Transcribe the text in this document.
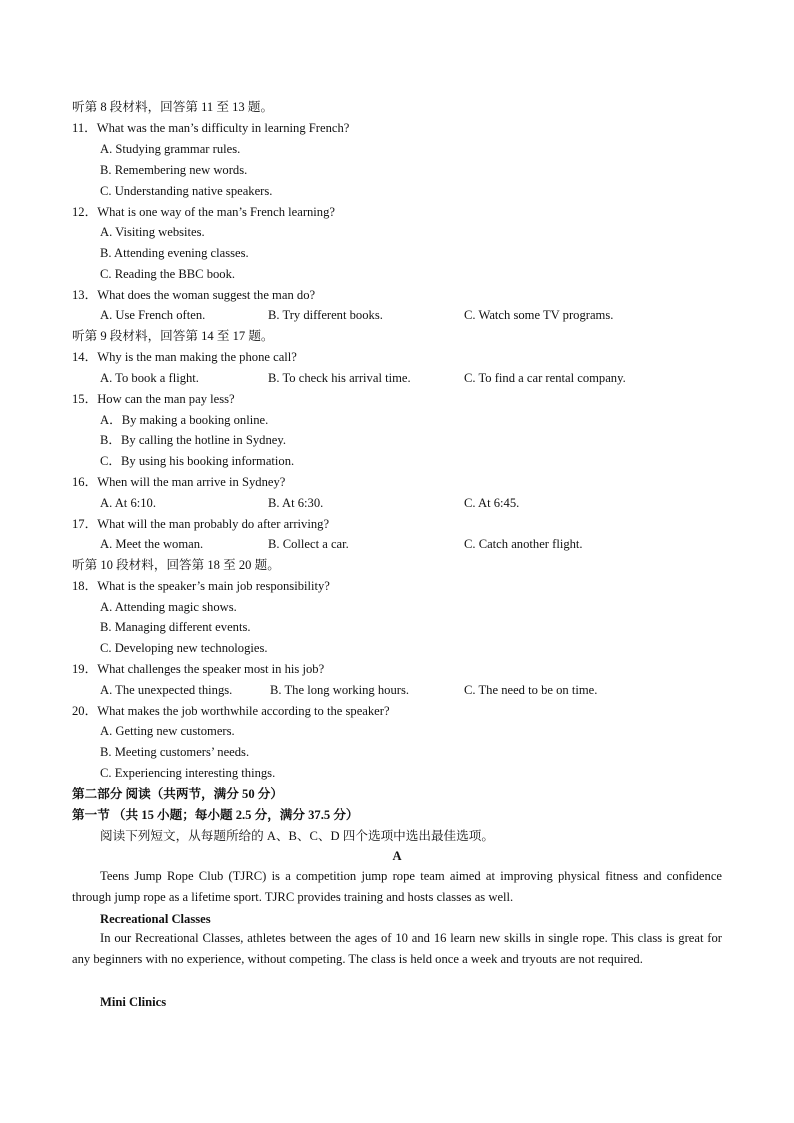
听第 8 段材料，回答第 11 至 13 题。
11．What was the man’s difficulty in learning French?
A. Studying grammar rules.
B. Remembering new words.
C. Understanding native speakers.
12．What is one way of the man’s French learning?
A. Visiting websites.
B. Attending evening classes.
C. Reading the BBC book.
13．What does the woman suggest the man do?
A. Use French often.	B. Try different books.	C. Watch some TV programs.
听第 9 段材料，回答第 14 至 17 题。
14．Why is the man making the phone call?
A. To book a flight.	B. To check his arrival time.	C. To find a car rental company.
15．How can the man pay less?
A．By making a booking online.
B．By calling the hotline in Sydney.
C．By using his booking information.
16．When will the man arrive in Sydney?
A. At 6:10.	B. At 6:30.	C. At 6:45.
17．What will the man probably do after arriving?
A. Meet the woman.	B. Collect a car.	C. Catch another flight.
听第 10 段材料，回答第 18 至 20 题。
18．What is the speaker’s main job responsibility?
A. Attending magic shows.
B. Managing different events.
C. Developing new technologies.
19．What challenges the speaker most in his job?
A. The unexpected things.	B. The long working hours.	C. The need to be on time.
20．What makes the job worthwhile according to the speaker?
A. Getting new customers.
B. Meeting customers’ needs.
C. Experiencing interesting things.
第二部分 阅读（共两节，满分 50 分）
第一节 （共 15 小题；每小题 2.5 分，满分 37.5 分）
阅读下列短文，从每题所给的 A、B、C、D 四个选项中选出最佳选项。
A
Teens Jump Rope Club (TJRC) is a competition jump rope team aimed at improving physical fitness and confidence through jump rope as a lifetime sport. TJRC provides training and hosts classes as well.
Recreational Classes
In our Recreational Classes, athletes between the ages of 10 and 16 learn new skills in single rope. This class is great for any beginners with no experience, without competing. The class is held once a week and tryouts are not required.
Mini Clinics
